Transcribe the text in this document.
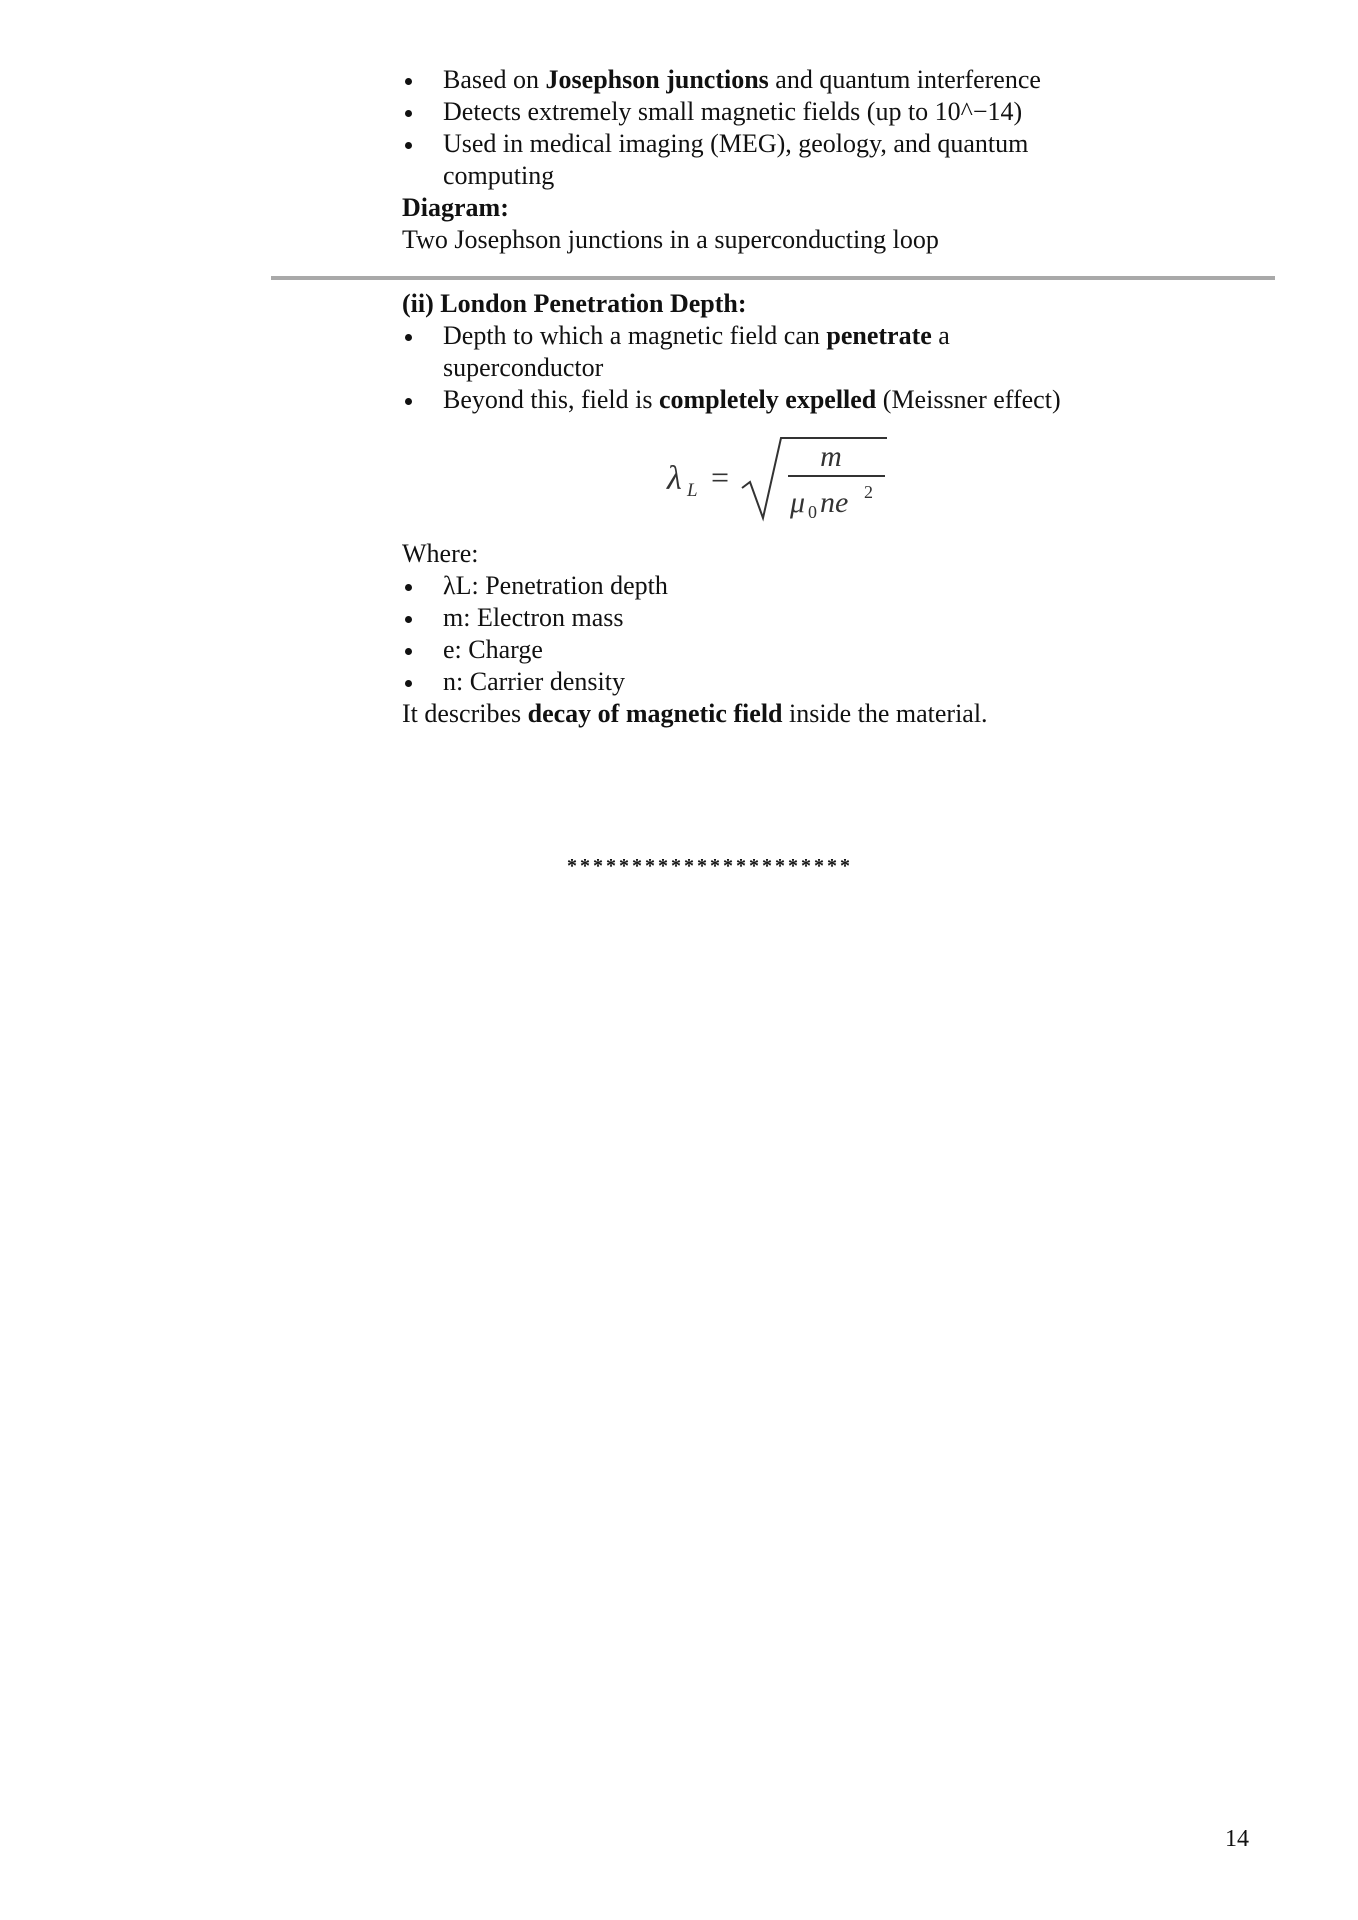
Based on Josephson junctions and quantum interference
Detects extremely small magnetic fields (up to 10^−14)
Used in medical imaging (MEG), geology, and quantum computing
Diagram:
Two Josephson junctions in a superconducting loop
(ii) London Penetration Depth:
Depth to which a magnetic field can penetrate a superconductor
Beyond this, field is completely expelled (Meissner effect)
λ L =
m
μ 0 ne 2
Where:
λL: Penetration depth
m: Electron mass
e: Charge
n: Carrier density
It describes decay of magnetic field inside the material.
**********************
14
